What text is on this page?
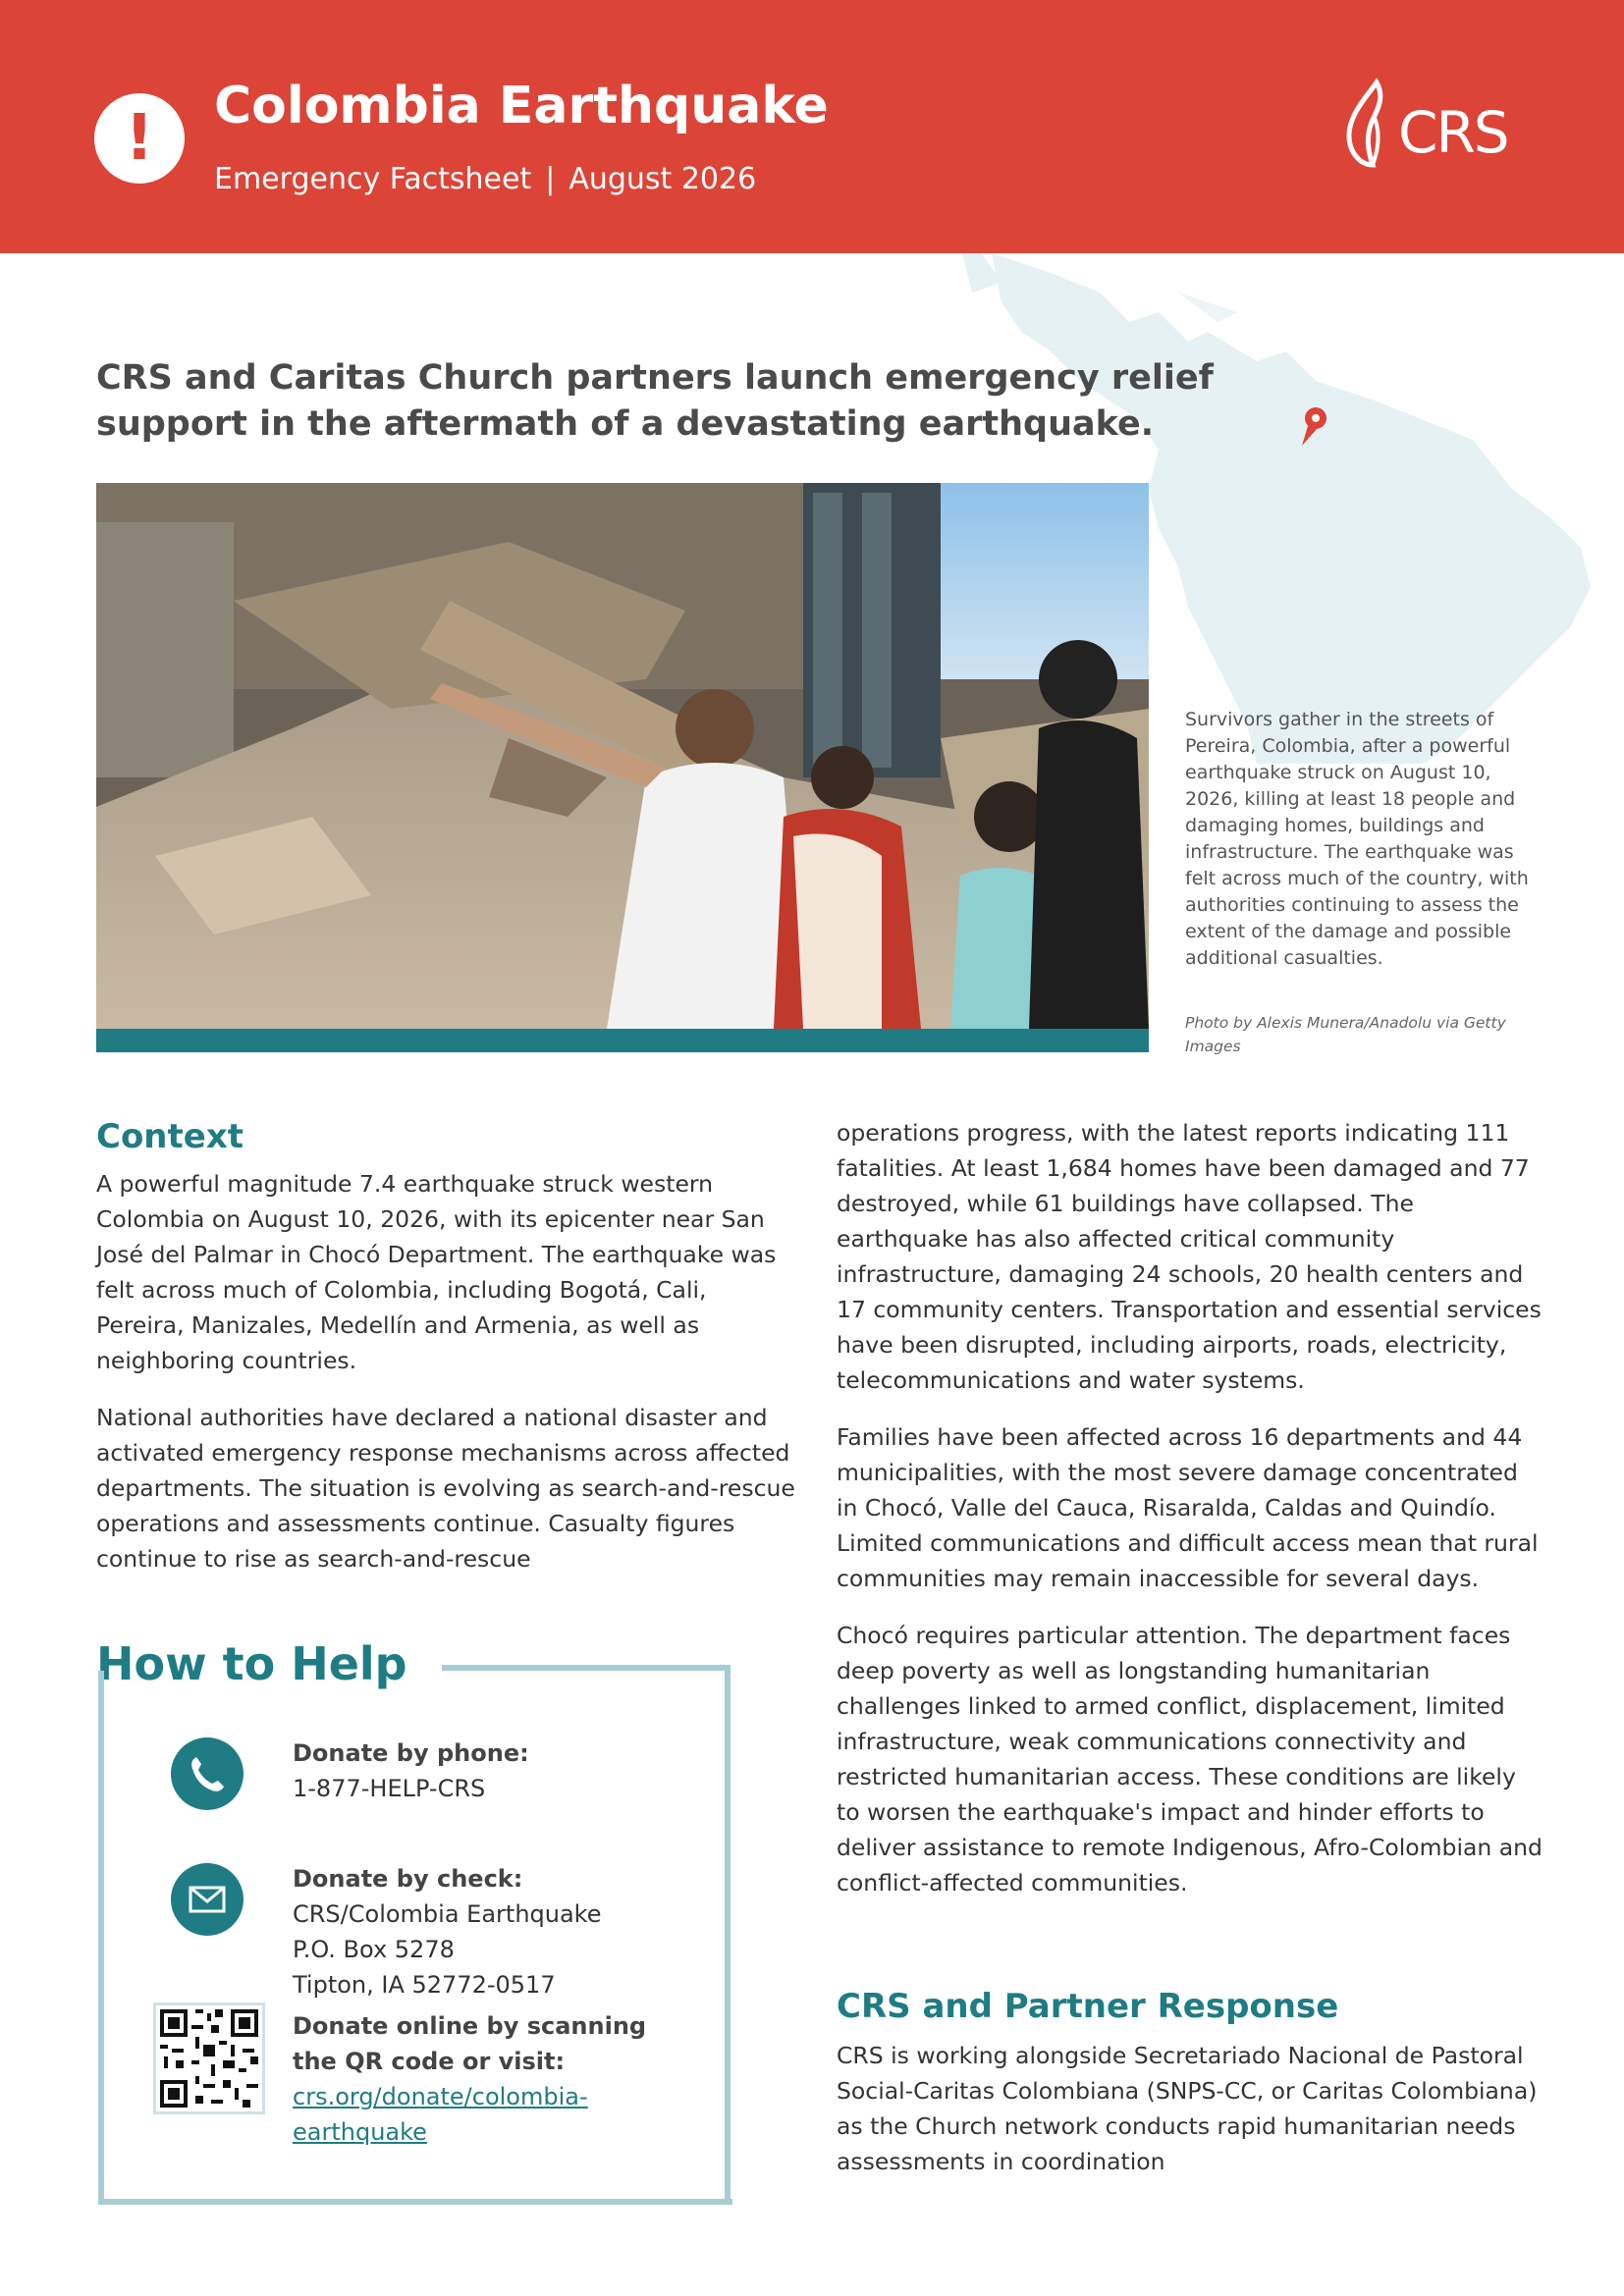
!	Colombia Earthquake
Emergency Factsheet | August 2026
CRS

CRS and Caritas Church partners launch emergency relief support in the aftermath of a devastating earthquake.

Survivors gather in the streets of Pereira, Colombia, after a powerful earthquake struck on August 10, 2026, killing at least 18 people and damaging homes, buildings and infrastructure. The earthquake was felt across much of the country, with authorities continuing to assess the extent of the damage and possible additional casualties.
Photo by Alexis Munera/Anadolu via Getty Images
Context

A powerful magnitude 7.4 earthquake struck western Colombia on August 10, 2026, with its epicenter near San José del Palmar in Chocó Department. The earthquake was felt across much of Colombia, including Bogotá, Cali, Pereira, Manizales, Medellín and Armenia, as well as neighboring countries.

National authorities have declared a national disaster and activated emergency response mechanisms across affected departments. The situation is evolving as search-and-rescue operations and assessments continue. Casualty figures continue to rise as search-and-rescue

operations progress, with the latest reports indicating 111 fatalities. At least 1,684 homes have been damaged and 77 destroyed, while 61 buildings have collapsed. The earthquake has also affected critical community infrastructure, damaging 24 schools, 20 health centers and 17 community centers. Transportation and essential services have been disrupted, including airports, roads, electricity, telecommunications and water systems.

Families have been affected across 16 departments and 44 municipalities, with the most severe damage concentrated in Chocó, Valle del Cauca, Risaralda, Caldas and Quindío. Limited communications and difficult access mean that rural communities may remain inaccessible for several days.

Chocó requires particular attention. The department faces deep poverty as well as longstanding humanitarian challenges linked to armed conflict, displacement, limited infrastructure, weak communications connectivity and restricted humanitarian access. These conditions are likely to worsen the earthquake's impact and hinder efforts to deliver assistance to remote Indigenous, Afro-Colombian and conflict-affected communities.

CRS and Partner Response

CRS is working alongside Secretariado Nacional de Pastoral Social-Caritas Colombiana (SNPS-CC, or Caritas Colombiana) as the Church network conducts rapid humanitarian needs assessments in coordination

How to Help
Donate by phone:
1-877-HELP-CRS
Donate by check:
CRS/Colombia Earthquake
P.O. Box 5278
Tipton, IA 52772-0517
Donate online by scanning the QR code or visit:
crs.org/donate/colombia-earthquake
